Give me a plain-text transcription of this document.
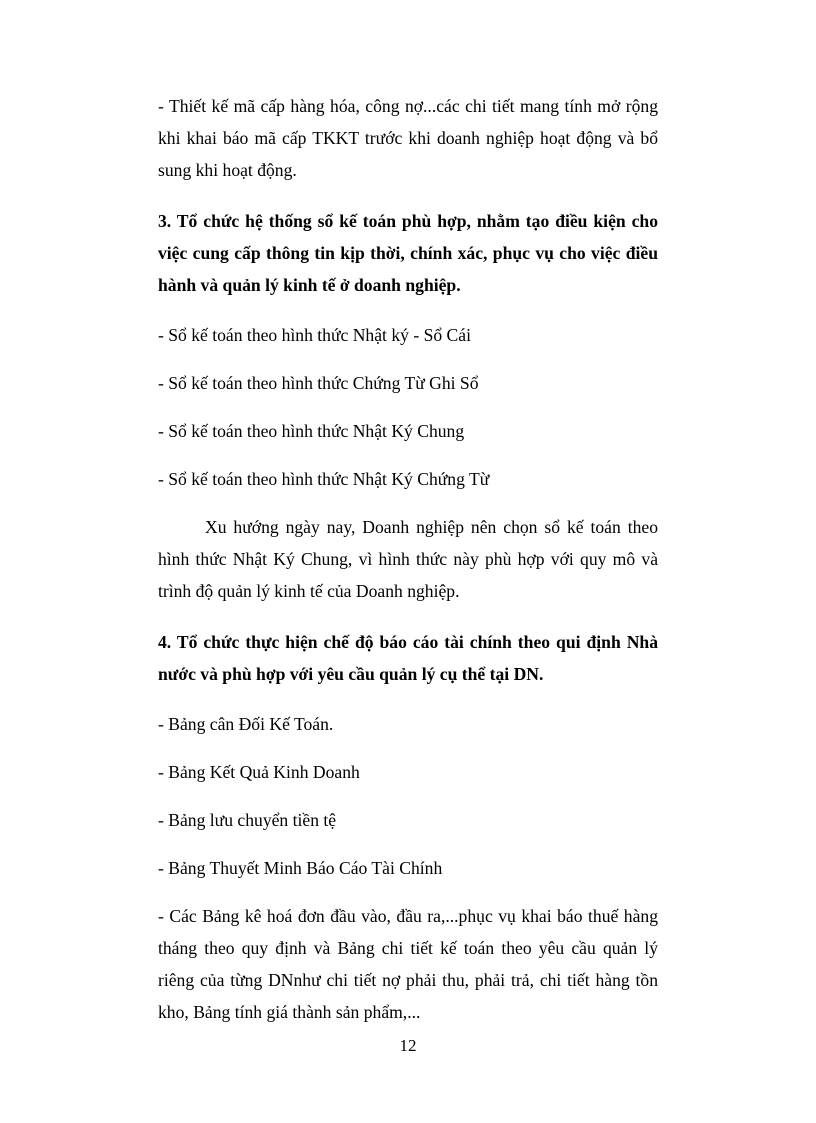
- Thiết kế mã cấp hàng hóa, công nợ...các chi tiết mang tính mở rộng khi khai báo mã cấp TKKT trước khi doanh nghiệp hoạt động và bổ sung khi hoạt động.

3. Tổ chức hệ thống sổ kế toán phù hợp, nhằm tạo điều kiện cho việc cung cấp thông tin kịp thời, chính xác, phục vụ cho việc điều hành và quản lý kinh tế ở doanh nghiệp.

- Sổ kế toán theo hình thức Nhật ký - Sổ Cái

- Sổ kế toán theo hình thức Chứng Từ Ghi Sổ

- Sổ kế toán theo hình thức Nhật Ký Chung

- Sổ kế toán theo hình thức Nhật Ký Chứng Từ

Xu hướng ngày nay, Doanh nghiệp nên chọn sổ kế toán theo hình thức Nhật Ký Chung, vì hình thức này phù hợp với quy mô và trình độ quản lý kinh tế của Doanh nghiệp.

4. Tổ chức thực hiện chế độ báo cáo tài chính theo qui định Nhà nước và phù hợp với yêu cầu quản lý cụ thể tại DN.

- Bảng cân Đối Kế Toán.

- Bảng Kết Quả Kinh Doanh

- Bảng lưu chuyển tiền tệ

- Bảng Thuyết Minh Báo Cáo Tài Chính

- Các Bảng kê hoá đơn đầu vào, đầu ra,...phục vụ khai báo thuế hàng tháng theo quy định và Bảng chi tiết kế toán theo yêu cầu quản lý riêng của từng DNnhư chi tiết nợ phải thu, phải trả, chi tiết hàng tồn kho, Bảng tính giá thành sản phẩm,...

12
